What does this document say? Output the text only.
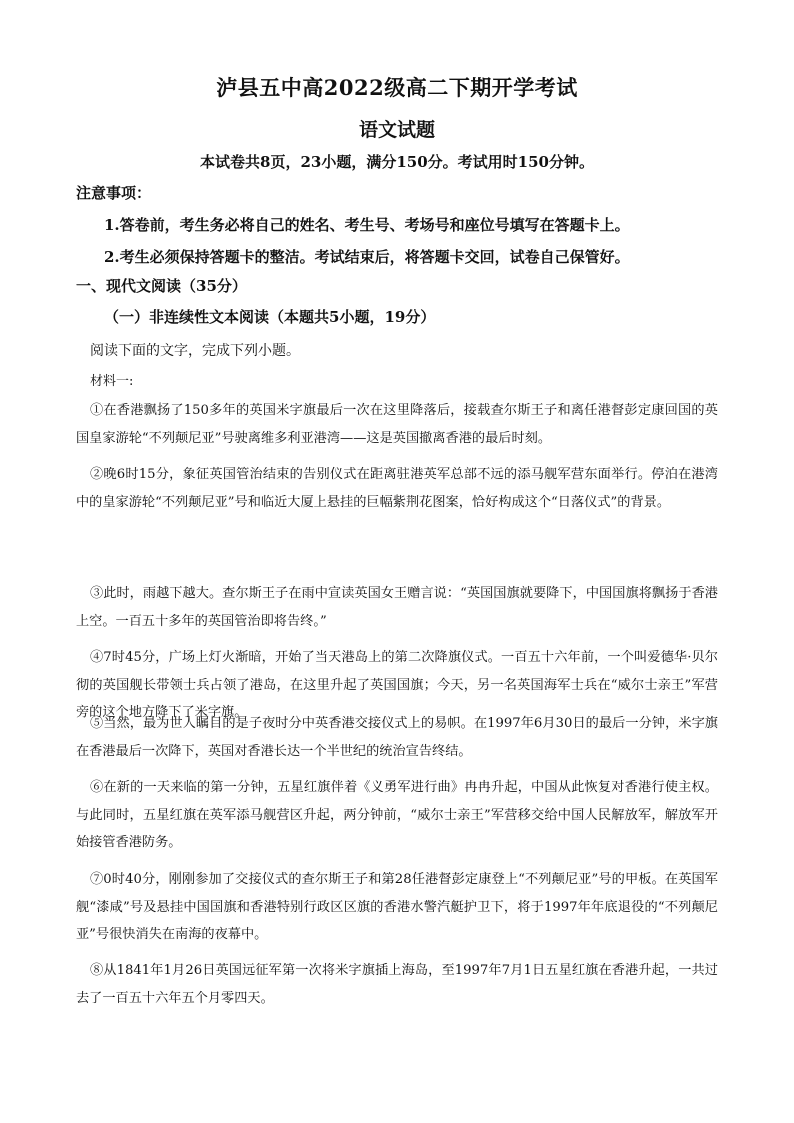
泸县五中高2022级高二下期开学考试
语文试题
本试卷共8页，23小题，满分150分。考试用时150分钟。
注意事项：
1.答卷前，考生务必将自己的姓名、考生号、考场号和座位号填写在答题卡上。
2.考生必须保持答题卡的整洁。考试结束后，将答题卡交回，试卷自己保管好。
一、现代文阅读（35分）
（一）非连续性文本阅读（本题共5小题，19分）
阅读下面的文字，完成下列小题。
材料一:

①在香港飘扬了150多年的英国米字旗最后一次在这里降落后，接载查尔斯王子和离任港督彭定康回国的英国皇家游轮“不列颠尼亚”号驶离维多利亚港湾——这是英国撤离香港的最后时刻。

②晚6时15分，象征英国管治结束的告别仪式在距离驻港英军总部不远的添马舰军营东面举行。停泊在港湾中的皇家游轮“不列颠尼亚”号和临近大厦上悬挂的巨幅紫荆花图案，恰好构成这个“日落仪式”的背景。

③此时，雨越下越大。查尔斯王子在雨中宣读英国女王赠言说：“英国国旗就要降下，中国国旗将飘扬于香港上空。一百五十多年的英国管治即将告终。”

④7时45分，广场上灯火渐暗，开始了当天港岛上的第二次降旗仪式。一百五十六年前，一个叫爱德华·贝尔彻的英国舰长带领士兵占领了港岛，在这里升起了英国国旗；今天，另一名英国海军士兵在“威尔士亲王”军营旁的这个地方降下了米字旗。

⑤当然，最为世人瞩目的是子夜时分中英香港交接仪式上的易帜。在1997年6月30日的最后一分钟，米字旗在香港最后一次降下，英国对香港长达一个半世纪的统治宣告终结。

⑥在新的一天来临的第一分钟，五星红旗伴着《义勇军进行曲》冉冉升起，中国从此恢复对香港行使主权。与此同时，五星红旗在英军添马舰营区升起，两分钟前，“威尔士亲王”军营移交给中国人民解放军，解放军开始接管香港防务。

⑦0时40分，刚刚参加了交接仪式的查尔斯王子和第28任港督彭定康登上“不列颠尼亚”号的甲板。在英国军舰“漆咸”号及悬挂中国国旗和香港特别行政区区旗的香港水警汽艇护卫下，将于1997年年底退役的“不列颠尼亚”号很快消失在南海的夜幕中。

⑧从1841年1月26日英国远征军第一次将米字旗插上海岛，至1997年7月1日五星红旗在香港升起，一共过去了一百五十六年五个月零四天。
